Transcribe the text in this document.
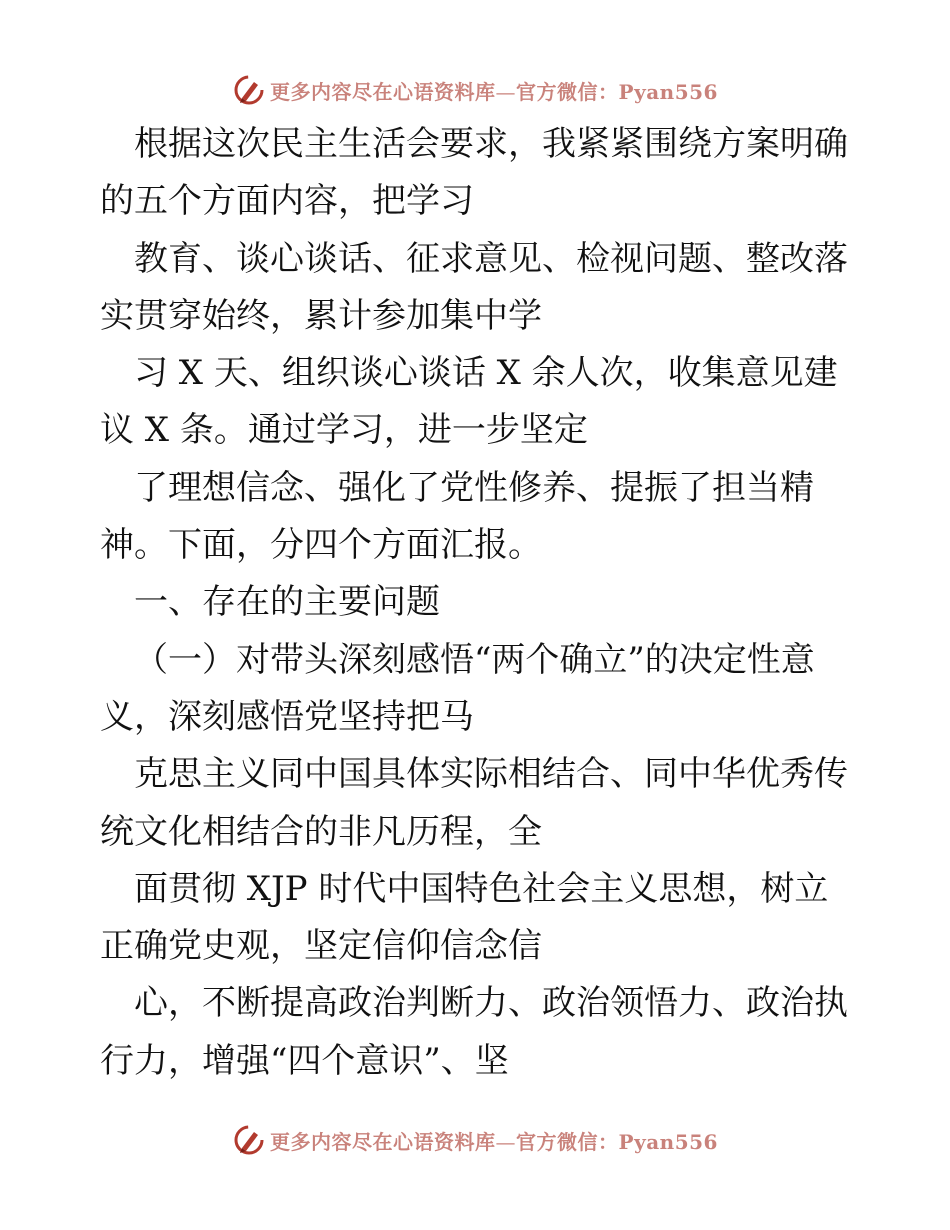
更多内容尽在心语资料库—官方微信：Pyan556
根据这次民主生活会要求，我紧紧围绕方案明确
的五个方面内容，把学习
教育、谈心谈话、征求意见、检视问题、整改落
实贯穿始终，累计参加集中学
习 X 天、组织谈心谈话 X 余人次，收集意见建
议 X 条。通过学习，进一步坚定
了理想信念、强化了党性修养、提振了担当精
神。下面，分四个方面汇报。
一、存在的主要问题
（一）对带头深刻感悟“两个确立”的决定性意
义，深刻感悟党坚持把马
克思主义同中国具体实际相结合、同中华优秀传
统文化相结合的非凡历程，全
面贯彻 XJP 时代中国特色社会主义思想，树立
正确党史观，坚定信仰信念信
心，不断提高政治判断力、政治领悟力、政治执
行力，增强“四个意识”、坚
更多内容尽在心语资料库—官方微信：Pyan556
